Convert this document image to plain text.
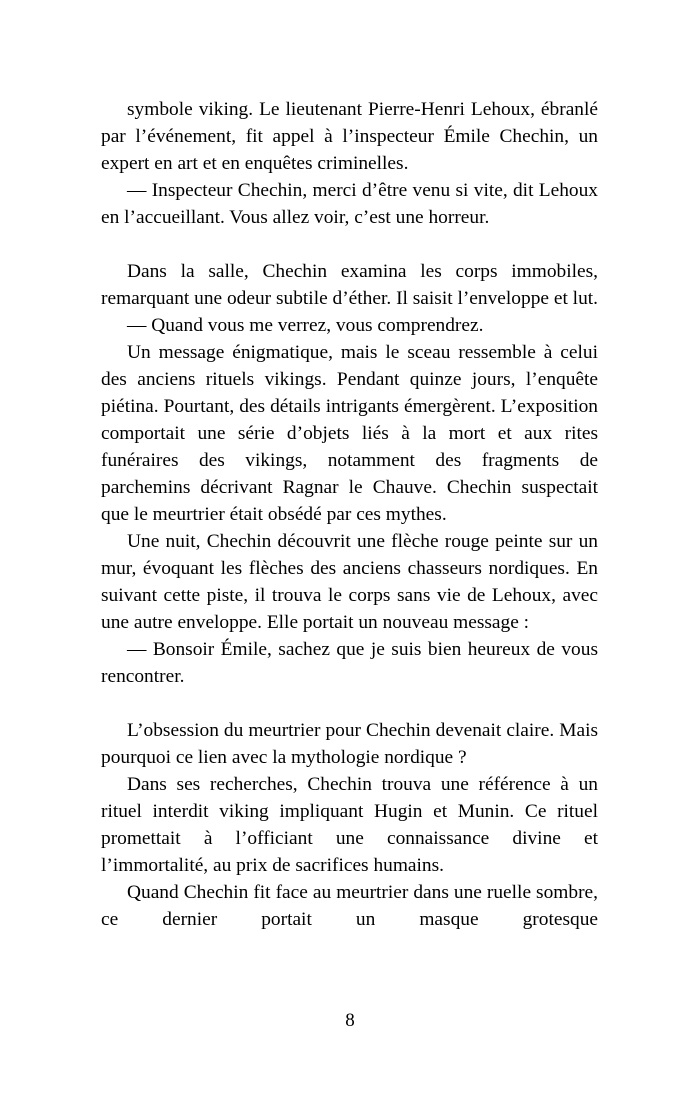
symbole viking. Le lieutenant Pierre-Henri Lehoux, ébranlé par l’événement, fit appel à l’inspecteur Émile Chechin, un expert en art et en enquêtes criminelles.

— Inspecteur Chechin, merci d’être venu si vite, dit Lehoux en l’accueillant. Vous allez voir, c’est une horreur.

Dans la salle, Chechin examina les corps immobiles, remarquant une odeur subtile d’éther. Il saisit l’enveloppe et lut.

— Quand vous me verrez, vous comprendrez.

Un message énigmatique, mais le sceau ressemble à celui des anciens rituels vikings. Pendant quinze jours, l’enquête piétina. Pourtant, des détails intrigants émergèrent. L’exposition comportait une série d’objets liés à la mort et aux rites funéraires des vikings, notamment des fragments de parchemins décrivant Ragnar le Chauve. Chechin suspectait que le meurtrier était obsédé par ces mythes.

Une nuit, Chechin découvrit une flèche rouge peinte sur un mur, évoquant les flèches des anciens chasseurs nordiques. En suivant cette piste, il trouva le corps sans vie de Lehoux, avec une autre enveloppe. Elle portait un nouveau message :

— Bonsoir Émile, sachez que je suis bien heureux de vous rencontrer.

L’obsession du meurtrier pour Chechin devenait claire. Mais pourquoi ce lien avec la mythologie nordique ?

Dans ses recherches, Chechin trouva une référence à un rituel interdit viking impliquant Hugin et Munin. Ce rituel promettait à l’officiant une connaissance divine et l’immortalité, au prix de sacrifices humains.

Quand Chechin fit face au meurtrier dans une ruelle sombre, ce dernier portait un masque grotesque

8
